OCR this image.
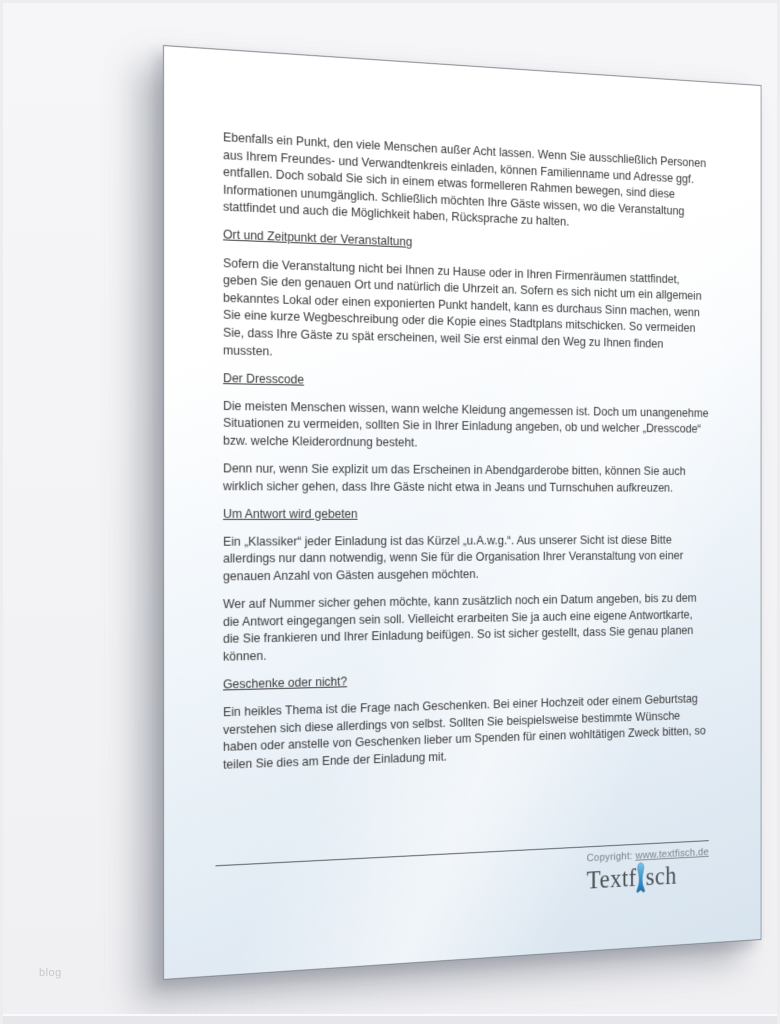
Ebenfalls ein Punkt, den viele Menschen außer Acht lassen. Wenn Sie ausschließlich Personen aus Ihrem Freundes- und Verwandtenkreis einladen, können Familienname und Adresse ggf. entfallen. Doch sobald Sie sich in einem etwas formelleren Rahmen bewegen, sind diese Informationen unumgänglich. Schließlich möchten Ihre Gäste wissen, wo die Veranstaltung stattfindet und auch die Möglichkeit haben, Rücksprache zu halten.

Ort und Zeitpunkt der Veranstaltung

Sofern die Veranstaltung nicht bei Ihnen zu Hause oder in Ihren Firmenräumen stattfindet, geben Sie den genauen Ort und natürlich die Uhrzeit an. Sofern es sich nicht um ein allgemein bekanntes Lokal oder einen exponierten Punkt handelt, kann es durchaus Sinn machen, wenn Sie eine kurze Wegbeschreibung oder die Kopie eines Stadtplans mitschicken. So vermeiden Sie, dass Ihre Gäste zu spät erscheinen, weil Sie erst einmal den Weg zu Ihnen finden mussten.

Der Dresscode

Die meisten Menschen wissen, wann welche Kleidung angemessen ist. Doch um unangenehme Situationen zu vermeiden, sollten Sie in Ihrer Einladung angeben, ob und welcher „Dresscode“ bzw. welche Kleiderordnung besteht.

Denn nur, wenn Sie explizit um das Erscheinen in Abendgarderobe bitten, können Sie auch wirklich sicher gehen, dass Ihre Gäste nicht etwa in Jeans und Turnschuhen aufkreuzen.

Um Antwort wird gebeten

Ein „Klassiker“ jeder Einladung ist das Kürzel „u.A.w.g.“. Aus unserer Sicht ist diese Bitte allerdings nur dann notwendig, wenn Sie für die Organisation Ihrer Veranstaltung von einer genauen Anzahl von Gästen ausgehen möchten.

Wer auf Nummer sicher gehen möchte, kann zusätzlich noch ein Datum angeben, bis zu dem die Antwort eingegangen sein soll. Vielleicht erarbeiten Sie ja auch eine eigene Antwortkarte, die Sie frankieren und Ihrer Einladung beifügen. So ist sicher gestellt, dass Sie genau planen können.

Geschenke oder nicht?

Ein heikles Thema ist die Frage nach Geschenken. Bei einer Hochzeit oder einem Geburtstag verstehen sich diese allerdings von selbst. Sollten Sie beispielsweise bestimmte Wünsche haben oder anstelle von Geschenken lieber um Spenden für einen wohltätigen Zweck bitten, so teilen Sie dies am Ende der Einladung mit.

Copyright: www.textfisch.de
Textf sch
blog
